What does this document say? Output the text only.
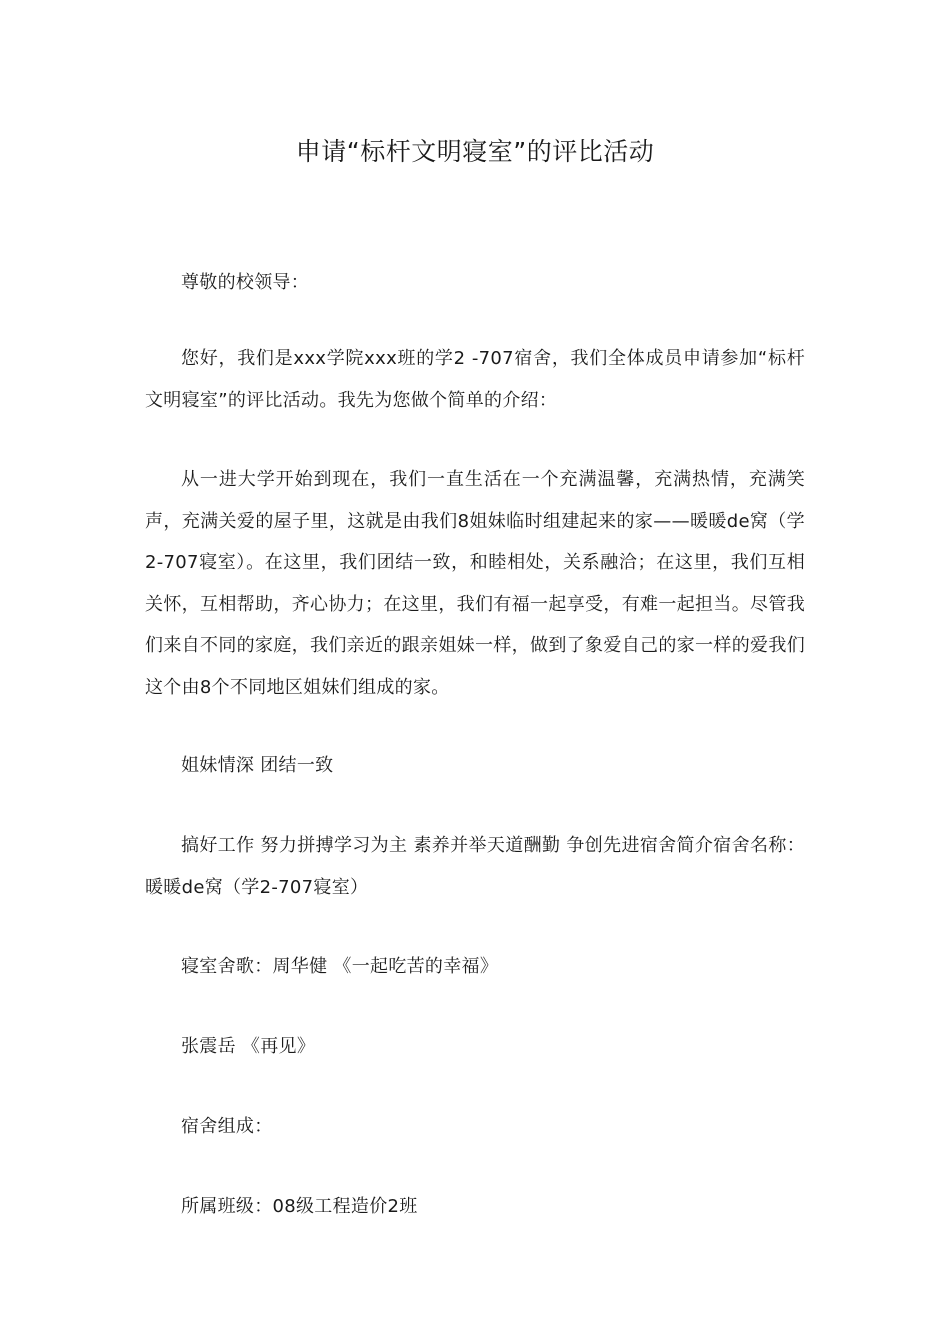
申请“标杆文明寝室”的评比活动

尊敬的校领导：

您好，我们是xxx学院xxx班的学2 -707宿舍，我们全体成员申请参加“标杆文明寝室”的评比活动。我先为您做个简单的介绍：

从一进大学开始到现在，我们一直生活在一个充满温馨，充满热情，充满笑声，充满关爱的屋子里，这就是由我们8姐妹临时组建起来的家——暖暖de窝（学2-707寝室）。在这里，我们团结一致，和睦相处，关系融洽；在这里，我们互相关怀，互相帮助，齐心协力；在这里，我们有福一起享受，有难一起担当。尽管我们来自不同的家庭，我们亲近的跟亲姐妹一样，做到了象爱自己的家一样的爱我们这个由8个不同地区姐妹们组成的家。

姐妹情深 团结一致

搞好工作 努力拼搏学习为主 素养并举天道酬勤 争创先进宿舍简介宿舍名称：暖暖de窝（学2-707寝室）

寝室舍歌：周华健 《一起吃苦的幸福》

张震岳 《再见》

宿舍组成：

所属班级：08级工程造价2班
